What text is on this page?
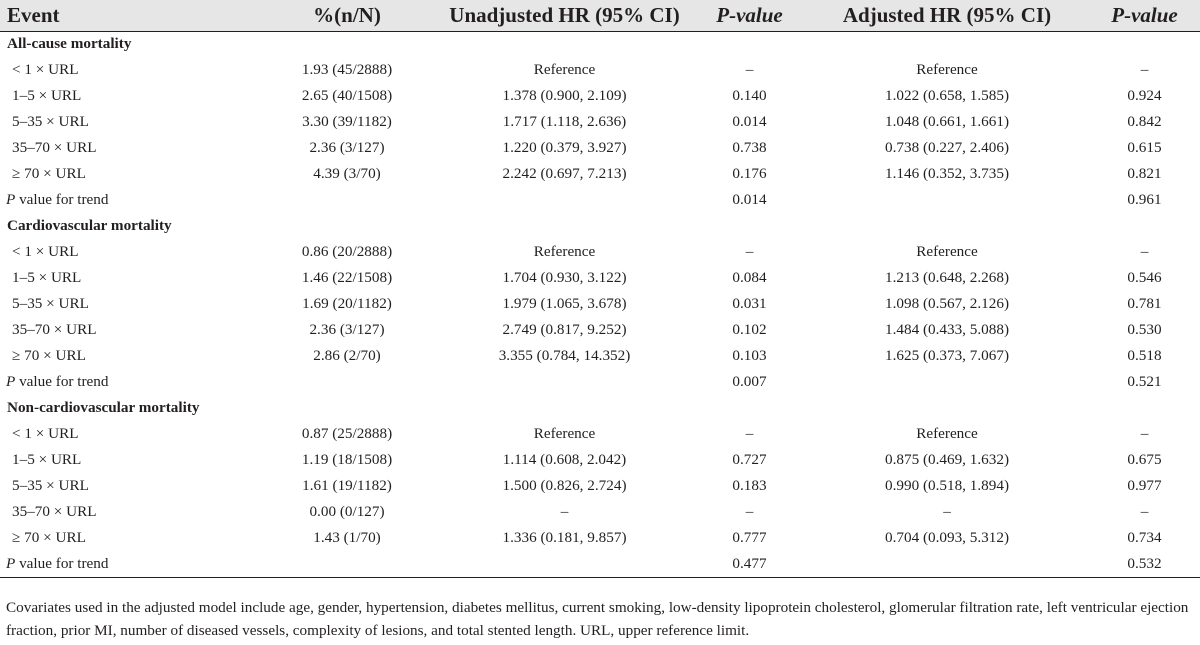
Event	%(n/N)	Unadjusted HR (95% CI)	P-value	Adjusted HR (95% CI)	P-value
All-cause mortality					
< 1 × URL	1.93 (45/2888)	Reference	–	Reference	–
1–5 × URL	2.65 (40/1508)	1.378 (0.900, 2.109)	0.140	1.022 (0.658, 1.585)	0.924
5–35 × URL	3.30 (39/1182)	1.717 (1.118, 2.636)	0.014	1.048 (0.661, 1.661)	0.842
35–70 × URL	2.36 (3/127)	1.220 (0.379, 3.927)	0.738	0.738 (0.227, 2.406)	0.615
≥ 70 × URL	4.39 (3/70)	2.242 (0.697, 7.213)	0.176	1.146 (0.352, 3.735)	0.821
P value for trend			0.014		0.961
Cardiovascular mortality					
< 1 × URL	0.86 (20/2888)	Reference	–	Reference	–
1–5 × URL	1.46 (22/1508)	1.704 (0.930, 3.122)	0.084	1.213 (0.648, 2.268)	0.546
5–35 × URL	1.69 (20/1182)	1.979 (1.065, 3.678)	0.031	1.098 (0.567, 2.126)	0.781
35–70 × URL	2.36 (3/127)	2.749 (0.817, 9.252)	0.102	1.484 (0.433, 5.088)	0.530
≥ 70 × URL	2.86 (2/70)	3.355 (0.784, 14.352)	0.103	1.625 (0.373, 7.067)	0.518
P value for trend			0.007		0.521
Non-cardiovascular mortality					
< 1 × URL	0.87 (25/2888)	Reference	–	Reference	–
1–5 × URL	1.19 (18/1508)	1.114 (0.608, 2.042)	0.727	0.875 (0.469, 1.632)	0.675
5–35 × URL	1.61 (19/1182)	1.500 (0.826, 2.724)	0.183	0.990 (0.518, 1.894)	0.977
35–70 × URL	0.00 (0/127)	–	–	–	–
≥ 70 × URL	1.43 (1/70)	1.336 (0.181, 9.857)	0.777	0.704 (0.093, 5.312)	0.734
P value for trend			0.477		0.532
Covariates used in the adjusted model include age, gender, hypertension, diabetes mellitus, current smoking, low-density lipoprotein cholesterol, glomerular filtration rate, left ventricular ejection fraction, prior MI, number of diseased vessels, complexity of lesions, and total stented length. URL, upper reference limit.
